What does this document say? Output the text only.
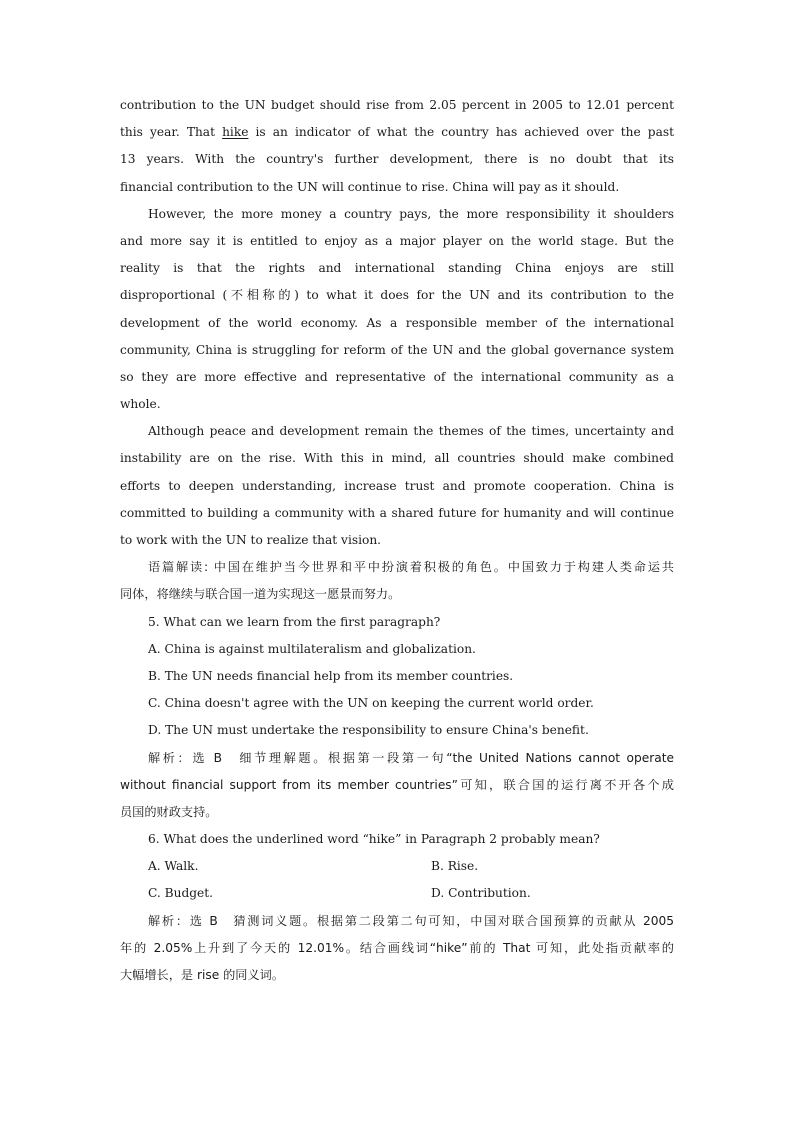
contribution to the UN budget should rise from 2.05 percent in 2005 to 12.01 percent
this year. That hike is an indicator of what the country has achieved over the past
13 years. With the country's further development, there is no doubt that its
financial contribution to the UN will continue to rise. China will pay as it should.
However, the more money a country pays, the more responsibility it shoulders
and more say it is entitled to enjoy as a major player on the world stage. But the
reality is that the rights and international standing China enjoys are still
disproportional (不相称的) to what it does for the UN and its contribution to the
development of the world economy. As a responsible member of the international
community, China is struggling for reform of the UN and the global governance system
so they are more effective and representative of the international community as a
whole.
Although peace and development remain the themes of the times, uncertainty and
instability are on the rise. With this in mind, all countries should make combined
efforts to deepen understanding, increase trust and promote cooperation. China is
committed to building a community with a shared future for humanity and will continue
to work with the UN to realize that vision.
语篇解读: 中国在维护当今世界和平中扮演着积极的角色。中国致力于构建人类命运共
同体，将继续与联合国一道为实现这一愿景而努力。
5. What can we learn from the first paragraph?
A. China is against multilateralism and globalization.
B. The UN needs financial help from its member countries.
C. China doesn't agree with the UN on keeping the current world order.
D. The UN must undertake the responsibility to ensure China's benefit.
解析：选 B　细节理解题。根据第一段第一句“the United Nations cannot operate
without financial support from its member countries”可知，联合国的运行离不开各个成
员国的财政支持。
6. What does the underlined word “hike” in Paragraph 2 probably mean?
A. Walk.	B. Rise.
C. Budget.	D. Contribution.
解析：选 B　猜测词义题。根据第二段第二句可知，中国对联合国预算的贡献从 2005
年的 2.05%上升到了今天的 12.01%。结合画线词“hike”前的 That 可知，此处指贡献率的
大幅增长，是 rise 的同义词。
